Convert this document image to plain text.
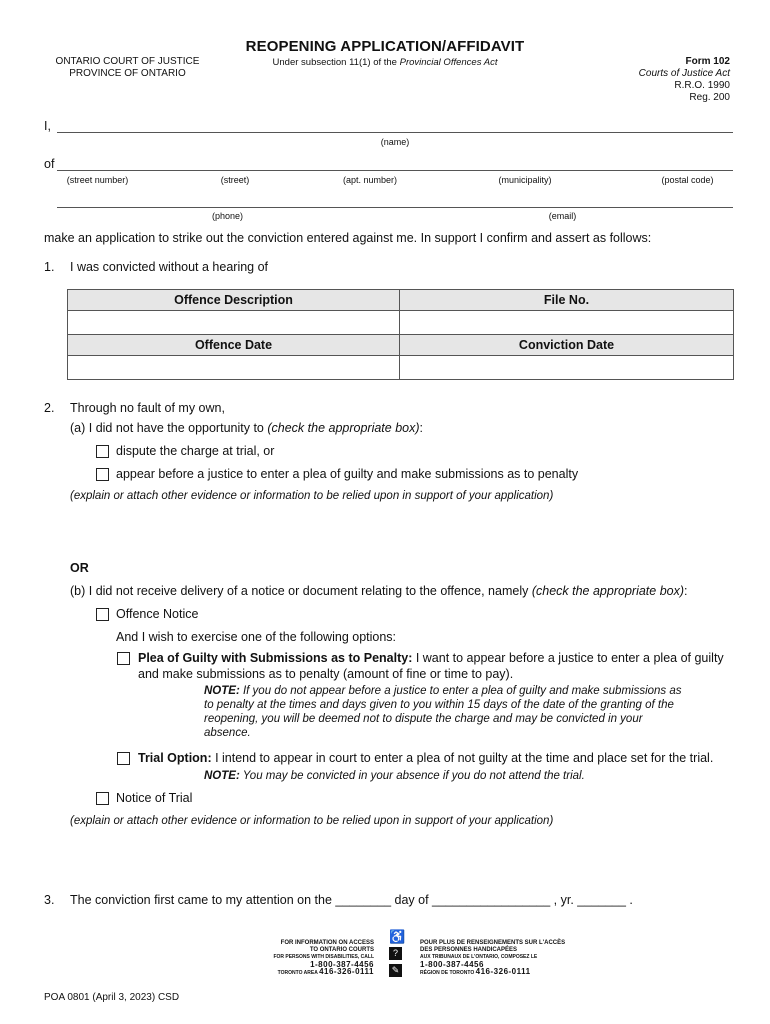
ONTARIO COURT OF JUSTICE
PROVINCE OF ONTARIO
REOPENING APPLICATION/AFFIDAVIT
Under subsection 11(1) of the Provincial Offences Act	Form 102
Courts of Justice Act
R.R.O. 1990
Reg. 200
I,
(name)
of
(street number)	(street)	(apt. number)	(municipality)	(postal code)
(phone)	(email)
make an application to strike out the conviction entered against me. In support I confirm and assert as follows:
1. I was convicted without a hearing of
Offence Description	File No.

Offence Date	Conviction Date

2. Through no fault of my own,
(a) I did not have the opportunity to (check the appropriate box):
dispute the charge at trial, or
appear before a justice to enter a plea of guilty and make submissions as to penalty
(explain or attach other evidence or information to be relied upon in support of your application)
OR
(b) I did not receive delivery of a notice or document relating to the offence, namely (check the appropriate box):
Offence Notice
And I wish to exercise one of the following options:
Plea of Guilty with Submissions as to Penalty: I want to appear before a justice to enter a plea of guilty
and make submissions as to penalty (amount of fine or time to pay).
NOTE: If you do not appear before a justice to enter a plea of guilty and make submissions as
to penalty at the times and days given to you within 15 days of the date of the granting of the
reopening, you will be deemed not to dispute the charge and may be convicted in your
absence.
Trial Option: I intend to appear in court to enter a plea of not guilty at the time and place set for the trial.
NOTE: You may be convicted in your absence if you do not attend the trial.
Notice of Trial
(explain or attach other evidence or information to be relied upon in support of your application)
3. The conviction first came to my attention on the ________ day of _________________ , yr. _______ .
FOR INFORMATION ON ACCESS
TO ONTARIO COURTS
FOR PERSONS WITH DISABILITIES, CALL
1-800-387-4456
TORONTO AREA 416-326-0111
♿
?
✎
POUR PLUS DE RENSEIGNEMENTS SUR L'ACCÈS
DES PERSONNES HANDICAPÉES
AUX TRIBUNAUX DE L'ONTARIO, COMPOSEZ LE
1-800-387-4456
RÉGION DE TORONTO 416-326-0111
POA 0801 (April 3, 2023) CSD
